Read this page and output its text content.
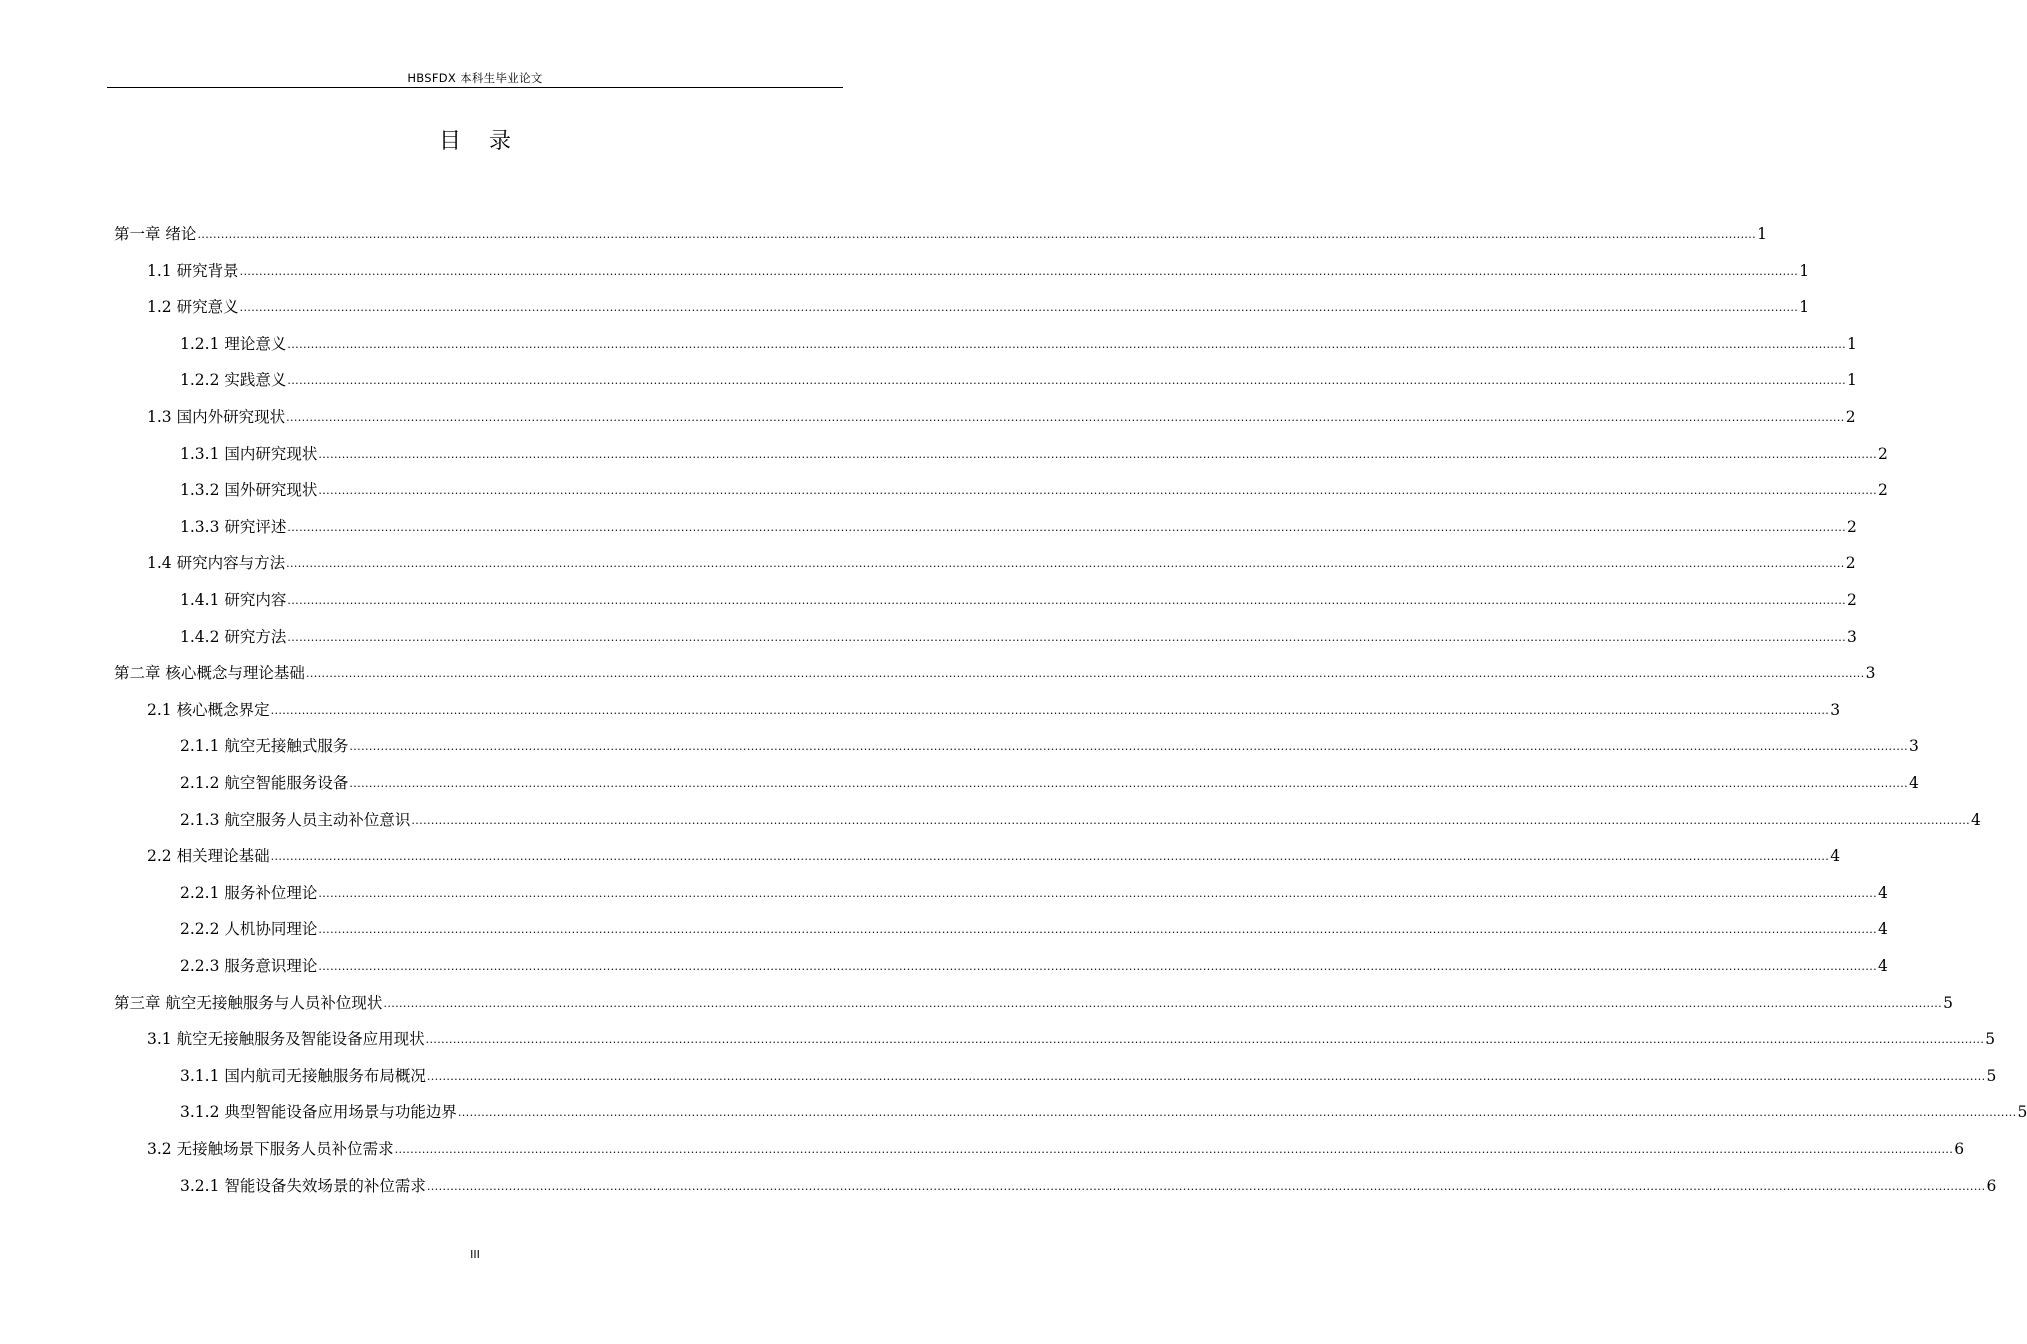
HBSFDX 本科生毕业论文
目录
第一章 绪论 ................................................................................................................................................................................................................................................................................................................................................................................................................ 1
1.1 研究背景 ................................................................................................................................................................................................................................................................................................................................................................................................................ 1
1.2 研究意义 ................................................................................................................................................................................................................................................................................................................................................................................................................ 1
1.2.1 理论意义 ................................................................................................................................................................................................................................................................................................................................................................................................................ 1
1.2.2 实践意义 ................................................................................................................................................................................................................................................................................................................................................................................................................ 1
1.3 国内外研究现状 ................................................................................................................................................................................................................................................................................................................................................................................................................ 2
1.3.1 国内研究现状 ................................................................................................................................................................................................................................................................................................................................................................................................................ 2
1.3.2 国外研究现状 ................................................................................................................................................................................................................................................................................................................................................................................................................ 2
1.3.3 研究评述 ................................................................................................................................................................................................................................................................................................................................................................................................................ 2
1.4 研究内容与方法 ................................................................................................................................................................................................................................................................................................................................................................................................................ 2
1.4.1 研究内容 ................................................................................................................................................................................................................................................................................................................................................................................................................ 2
1.4.2 研究方法 ................................................................................................................................................................................................................................................................................................................................................................................................................ 3
第二章 核心概念与理论基础 ................................................................................................................................................................................................................................................................................................................................................................................................................ 3
2.1 核心概念界定 ................................................................................................................................................................................................................................................................................................................................................................................................................ 3
2.1.1 航空无接触式服务 ................................................................................................................................................................................................................................................................................................................................................................................................................ 3
2.1.2 航空智能服务设备 ................................................................................................................................................................................................................................................................................................................................................................................................................ 4
2.1.3 航空服务人员主动补位意识 ................................................................................................................................................................................................................................................................................................................................................................................................................ 4
2.2 相关理论基础 ................................................................................................................................................................................................................................................................................................................................................................................................................ 4
2.2.1 服务补位理论 ................................................................................................................................................................................................................................................................................................................................................................................................................ 4
2.2.2 人机协同理论 ................................................................................................................................................................................................................................................................................................................................................................................................................ 4
2.2.3 服务意识理论 ................................................................................................................................................................................................................................................................................................................................................................................................................ 4
第三章 航空无接触服务与人员补位现状 ................................................................................................................................................................................................................................................................................................................................................................................................................ 5
3.1 航空无接触服务及智能设备应用现状 ................................................................................................................................................................................................................................................................................................................................................................................................................ 5
3.1.1 国内航司无接触服务布局概况 ................................................................................................................................................................................................................................................................................................................................................................................................................ 5
3.1.2 典型智能设备应用场景与功能边界 ................................................................................................................................................................................................................................................................................................................................................................................................................ 5
3.2 无接触场景下服务人员补位需求 ................................................................................................................................................................................................................................................................................................................................................................................................................ 6
3.2.1 智能设备失效场景的补位需求 ................................................................................................................................................................................................................................................................................................................................................................................................................ 6
III
